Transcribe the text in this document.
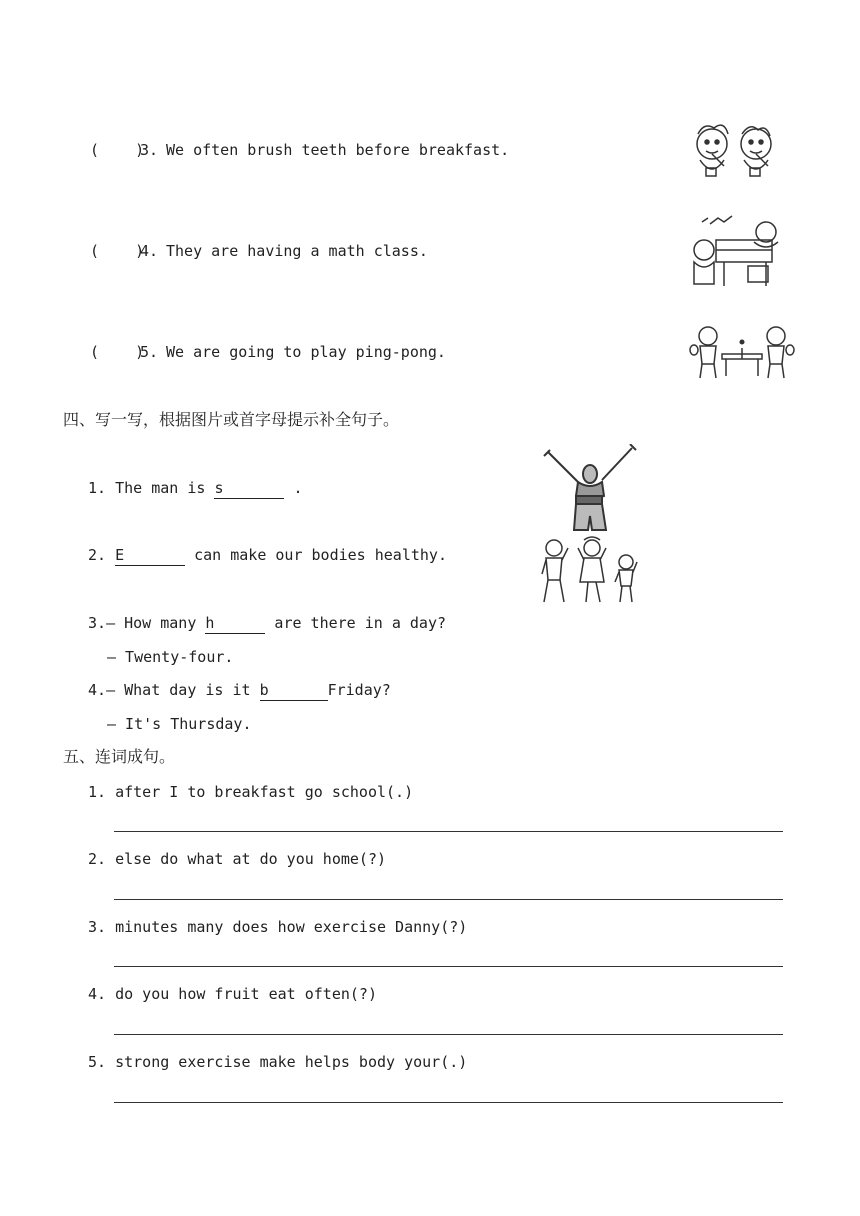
(    )
3. We often brush teeth before breakfast.
(    )
4. They are having a math class.
(    )
5. We are going to play ping-pong.
四、写一写，根据图片或首字母提示补全句子。
1. The man is s	.
2. E	can make our bodies healthy.
3.— How many h	are there in a day?
— Twenty-four.
4.— What day is it b	Friday?
— It's Thursday.
五、连词成句。
1. after I to breakfast go school(.)
2. else do what at do you home(?)
3. minutes many does how exercise Danny(?)
4. do you how fruit eat often(?)
5. strong exercise make helps body your(.)
